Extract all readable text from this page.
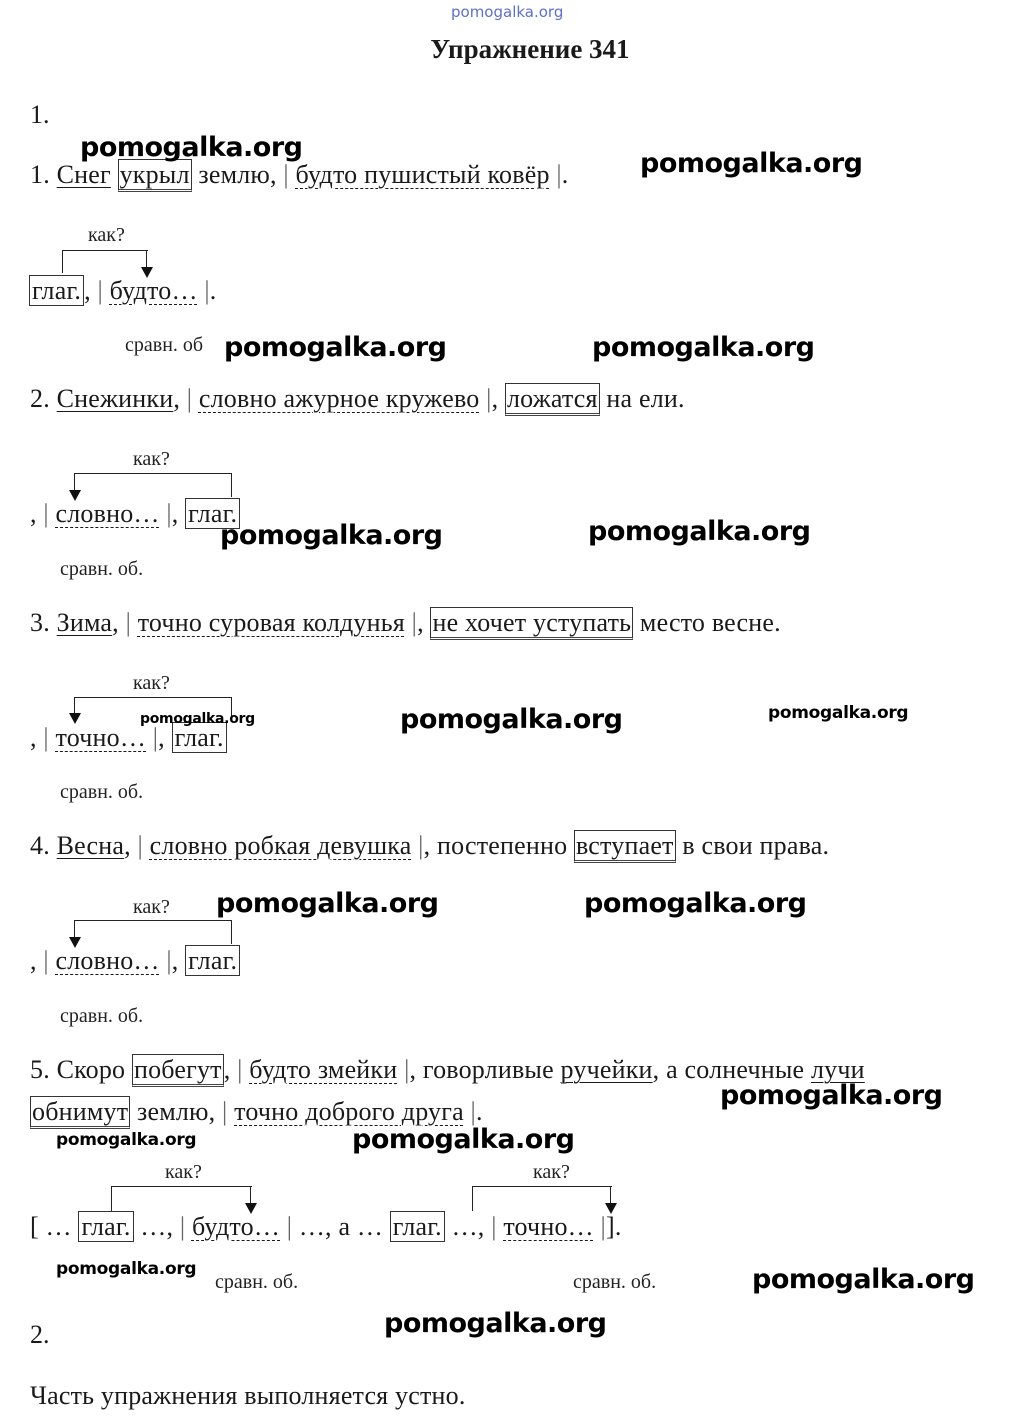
pomogalka.org
Упражнение 341
1.
1. Снег укрыл землю, | будто пушистый ковёр |.
2. Снежинки, | словно ажурное кружево |, ложатся на ели.
3. Зима, | точно суровая колдунья |, не хочет уступать место весне.
4. Весна, | словно робкая девушка |, постепенно вступает в свои права.
5. Скоро побегут, | будто змейки |, говорливые ручейки, а солнечные лучи
обнимут землю, | точно доброго друга |.
как?
глаг. , | будто… |.
сравн. об
как?
, | словно… |, глаг.
сравн. об.
как?
, | точно… |, глаг.
сравн. об.
как?
, | словно… |, глаг.
сравн. об.
как?	как?
[ … глаг. …, | будто… | …, а … глаг. …, | точно… |].
сравн. об.	сравн. об.
2.
Часть упражнения выполняется устно.
pomogalka.org
pomogalka.org
pomogalka.org	pomogalka.org
pomogalka.org	pomogalka.org
pomogalka.org	pomogalka.org	pomogalka.org
pomogalka.org	pomogalka.org
pomogalka.org
pomogalka.org	pomogalka.org
pomogalka.org	pomogalka.org
pomogalka.org
